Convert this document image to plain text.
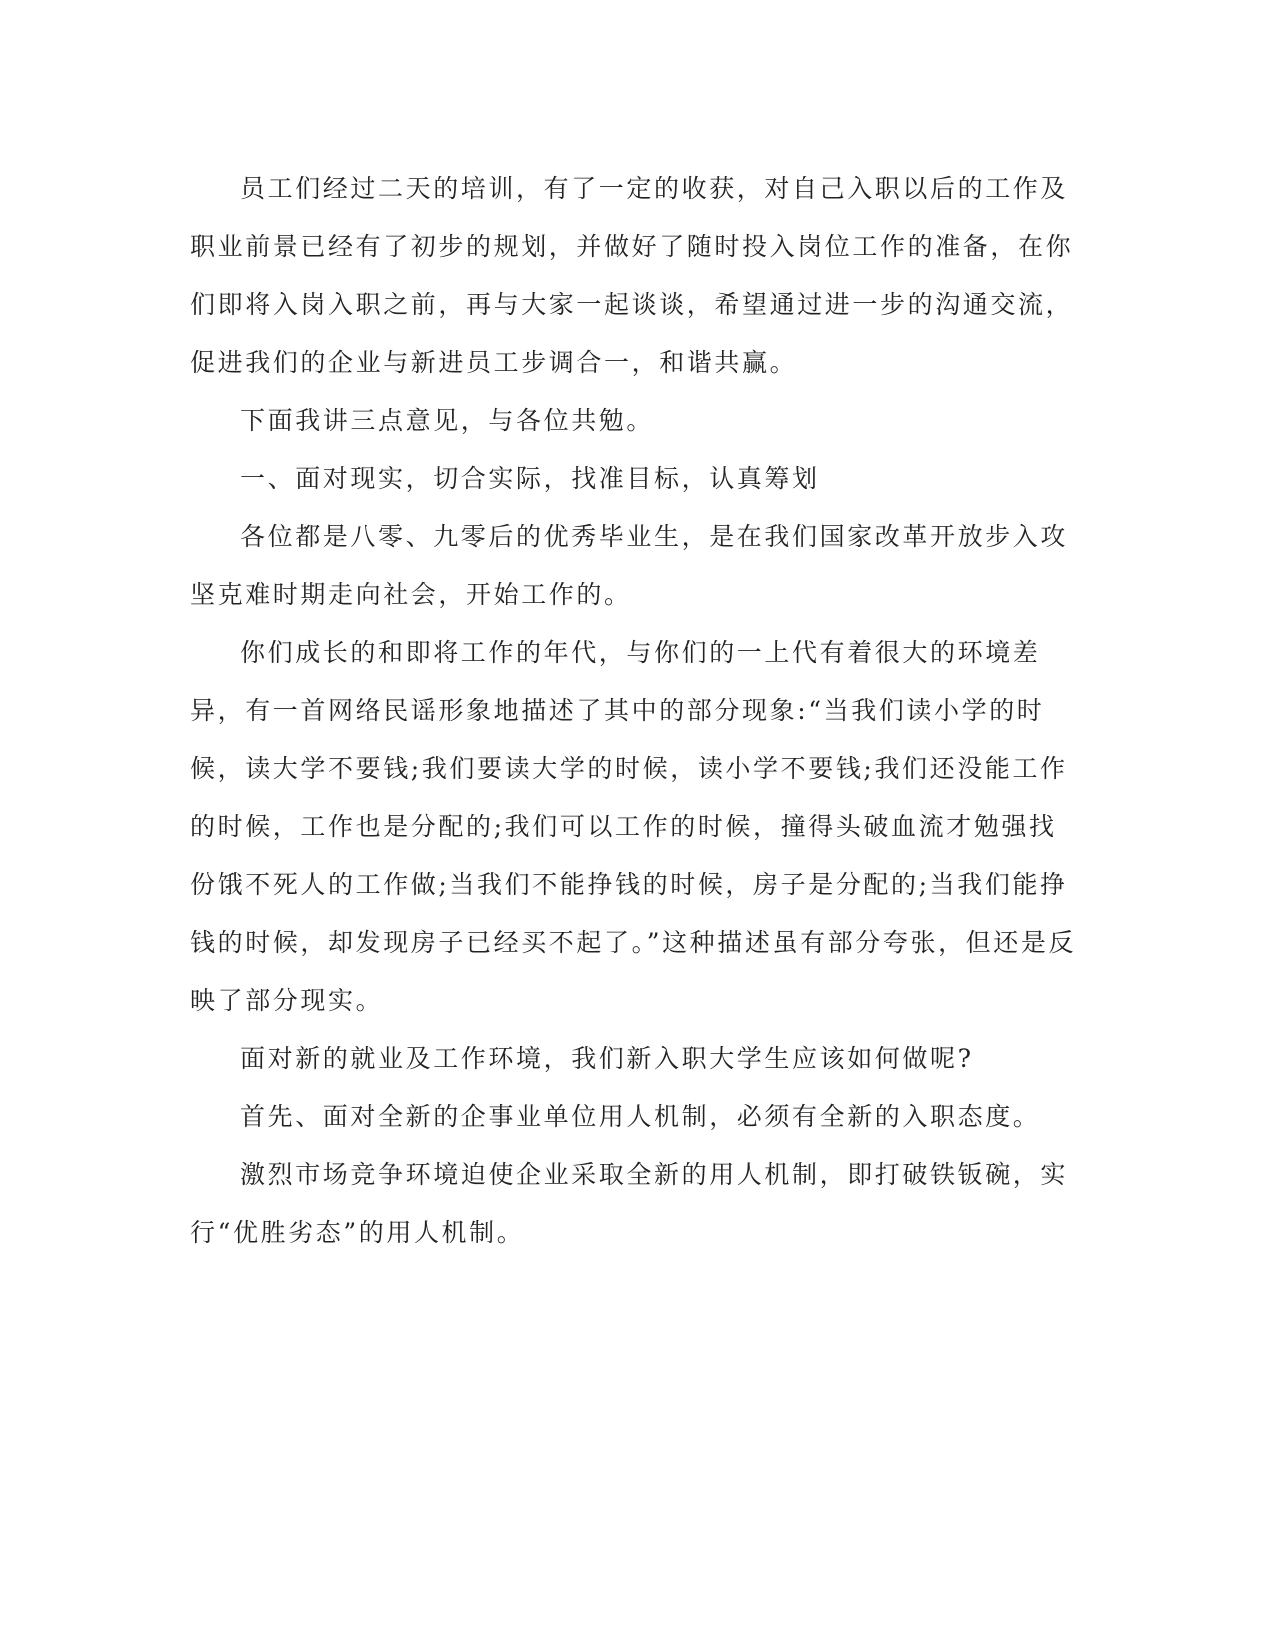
员工们经过二天的培训，有了一定的收获，对自己入职以后的工作及职业前景已经有了初步的规划，并做好了随时投入岗位工作的准备，在你们即将入岗入职之前，再与大家一起谈谈，希望通过进一步的沟通交流，促进我们的企业与新进员工步调合一，和谐共赢。

下面我讲三点意见，与各位共勉。

一、面对现实，切合实际，找准目标，认真筹划

各位都是八零、九零后的优秀毕业生，是在我们国家改革开放步入攻坚克难时期走向社会，开始工作的。

你们成长的和即将工作的年代，与你们的一上代有着很大的环境差异，有一首网络民谣形象地描述了其中的部分现象:“当我们读小学的时候，读大学不要钱;我们要读大学的时候，读小学不要钱;我们还没能工作的时候，工作也是分配的;我们可以工作的时候，撞得头破血流才勉强找份饿不死人的工作做;当我们不能挣钱的时候，房子是分配的;当我们能挣钱的时候，却发现房子已经买不起了。”这种描述虽有部分夸张，但还是反映了部分现实。

面对新的就业及工作环境，我们新入职大学生应该如何做呢?

首先、面对全新的企事业单位用人机制，必须有全新的入职态度。

激烈市场竞争环境迫使企业采取全新的用人机制，即打破铁钣碗，实行“优胜劣态”的用人机制。
